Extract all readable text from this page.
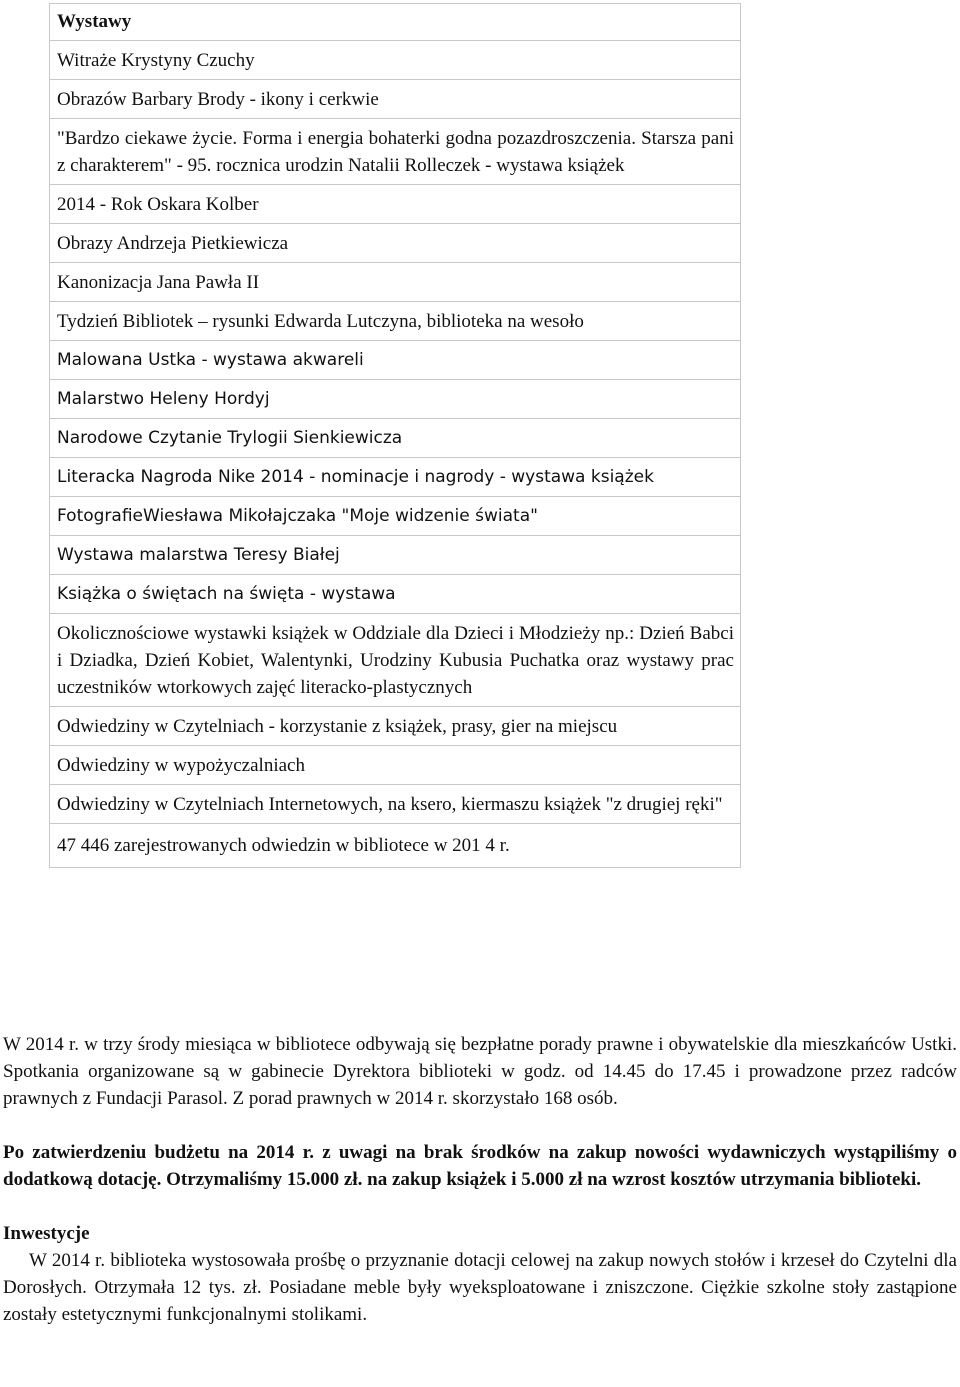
Wystawy
Witraże Krystyny Czuchy
Obrazów Barbary Brody - ikony i cerkwie
"Bardzo ciekawe życie. Forma i energia bohaterki godna pozazdroszczenia. Starsza pani z charakterem" - 95. rocznica urodzin Natalii Rolleczek - wystawa książek
2014 - Rok Oskara Kolber
Obrazy Andrzeja Pietkiewicza
Kanonizacja Jana Pawła II
Tydzień Bibliotek – rysunki Edwarda Lutczyna, biblioteka na wesoło
Malowana Ustka - wystawa akwareli
Malarstwo Heleny Hordyj
Narodowe Czytanie Trylogii Sienkiewicza
Literacka Nagroda Nike 2014 - nominacje i nagrody - wystawa książek
FotografieWiesława Mikołajczaka "Moje widzenie świata"
Wystawa malarstwa Teresy Białej
Książka o świętach na święta - wystawa
Okolicznościowe wystawki książek w Oddziale dla Dzieci i Młodzieży np.: Dzień Babci i Dziadka, Dzień Kobiet, Walentynki, Urodziny Kubusia Puchatka oraz wystawy prac uczestników wtorkowych zajęć literacko-plastycznych
Odwiedziny w Czytelniach - korzystanie z książek, prasy, gier na miejscu
Odwiedziny w wypożyczalniach
Odwiedziny w Czytelniach Internetowych, na ksero, kiermaszu książek "z drugiej ręki"
47 446 zarejestrowanych odwiedzin w bibliotece w 201 4 r.

W 2014 r. w trzy środy miesiąca w bibliotece odbywają się bezpłatne porady prawne i obywatelskie dla mieszkańców Ustki. Spotkania organizowane są w gabinecie Dyrektora biblioteki w godz. od 14.45 do 17.45 i prowadzone przez radców prawnych z Fundacji Parasol. Z porad prawnych w 2014 r. skorzystało 168 osób.

Po zatwierdzeniu budżetu na 2014 r. z uwagi na brak środków na zakup nowości wydawniczych wystąpiliśmy o dodatkową dotację. Otrzymaliśmy 15.000 zł. na zakup książek i 5.000 zł na wzrost kosztów utrzymania biblioteki.

Inwestycje

W 2014 r. biblioteka wystosowała prośbę o przyznanie dotacji celowej na zakup nowych stołów i krzeseł do Czytelni dla Dorosłych. Otrzymała 12 tys. zł. Posiadane meble były wyeksploatowane i zniszczone. Ciężkie szkolne stoły zastąpione zostały estetycznymi funkcjonalnymi stolikami.
